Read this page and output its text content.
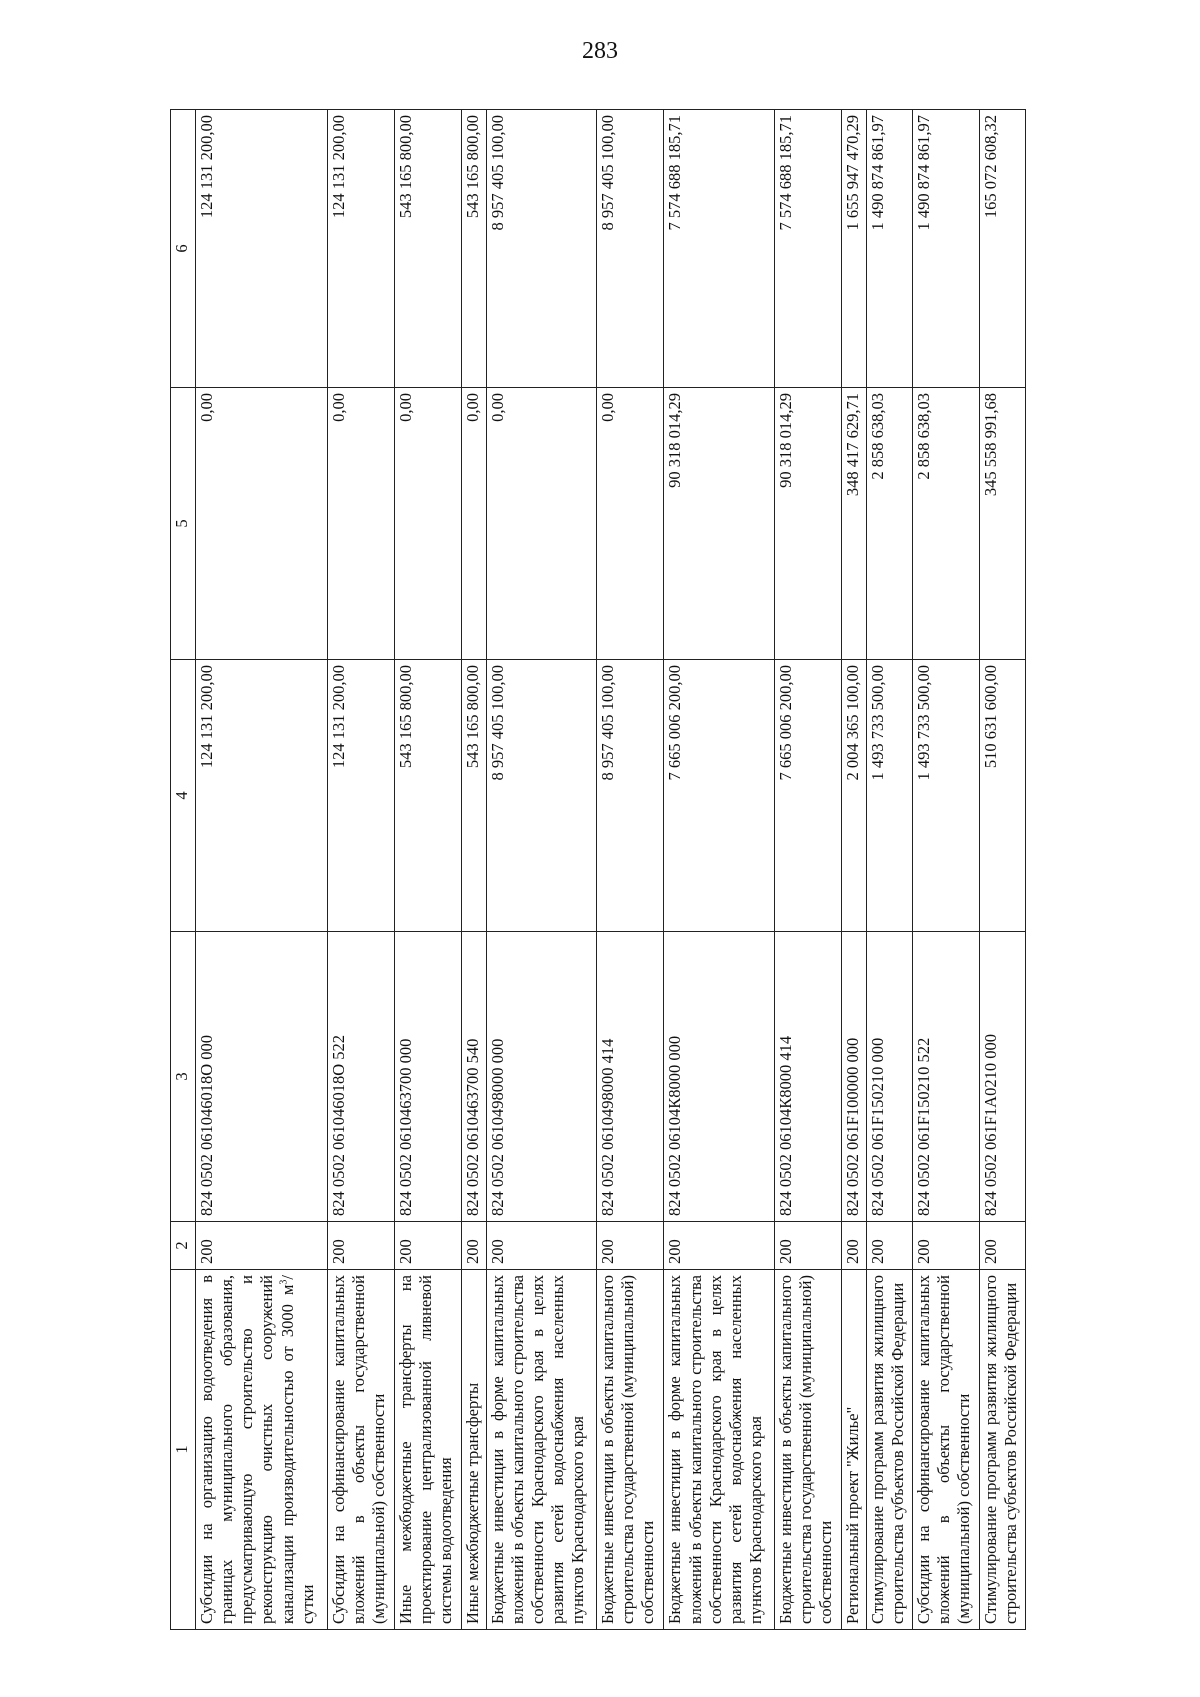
283
1	2	3	4	5	6
Субсидии на организацию водоотведения в границах муниципального образования, предусматривающую строительство и реконструкцию очистных сооружений канализации производительностью от 3000 $м^3$/сутки	200	824 0502 061046018О 000	124 131 200,00	0,00	124 131 200,00
Субсидии на софинансирование капитальных вложений в объекты государственной (муниципальной) собственности	200	824 0502 061046018О 522	124 131 200,00	0,00	124 131 200,00
Иные межбюджетные трансферты на проектирование централизованной ливневой системы водоотведения	200	824 0502 0610463700 000	543 165 800,00	0,00	543 165 800,00
Иные межбюджетные трансферты	200	824 0502 0610463700 540	543 165 800,00	0,00	543 165 800,00
Бюджетные инвестиции в форме капитальных вложений в объекты капитального строительства собственности Краснодарского края в целях развития сетей водоснабжения населенных пунктов Краснодарского края	200	824 0502 0610498000 000	8 957 405 100,00	0,00	8 957 405 100,00
Бюджетные инвестиции в объекты капитального строительства государственной (муниципальной) собственности	200	824 0502 0610498000 414	8 957 405 100,00	0,00	8 957 405 100,00
Бюджетные инвестиции в форме капитальных вложений в объекты капитального строительства собственности Краснодарского края в целях развития сетей водоснабжения населенных пунктов Краснодарского края	200	824 0502 06104К8000 000	7 665 006 200,00	90 318 014,29	7 574 688 185,71
Бюджетные инвестиции в объекты капитального строительства государственной (муниципальной) собственности	200	824 0502 06104К8000 414	7 665 006 200,00	90 318 014,29	7 574 688 185,71
Региональный проект "Жилье"	200	824 0502 061F100000 000	2 004 365 100,00	348 417 629,71	1 655 947 470,29
Стимулирование программ развития жилищного строительства субъектов Российской Федерации	200	824 0502 061F150210 000	1 493 733 500,00	2 858 638,03	1 490 874 861,97
Субсидии на софинансирование капитальных вложений в объекты государственной (муниципальной) собственности	200	824 0502 061F150210 522	1 493 733 500,00	2 858 638,03	1 490 874 861,97
Стимулирование программ развития жилищного строительства субъектов Российской Федерации	200	824 0502 061F1A0210 000	510 631 600,00	345 558 991,68	165 072 608,32
